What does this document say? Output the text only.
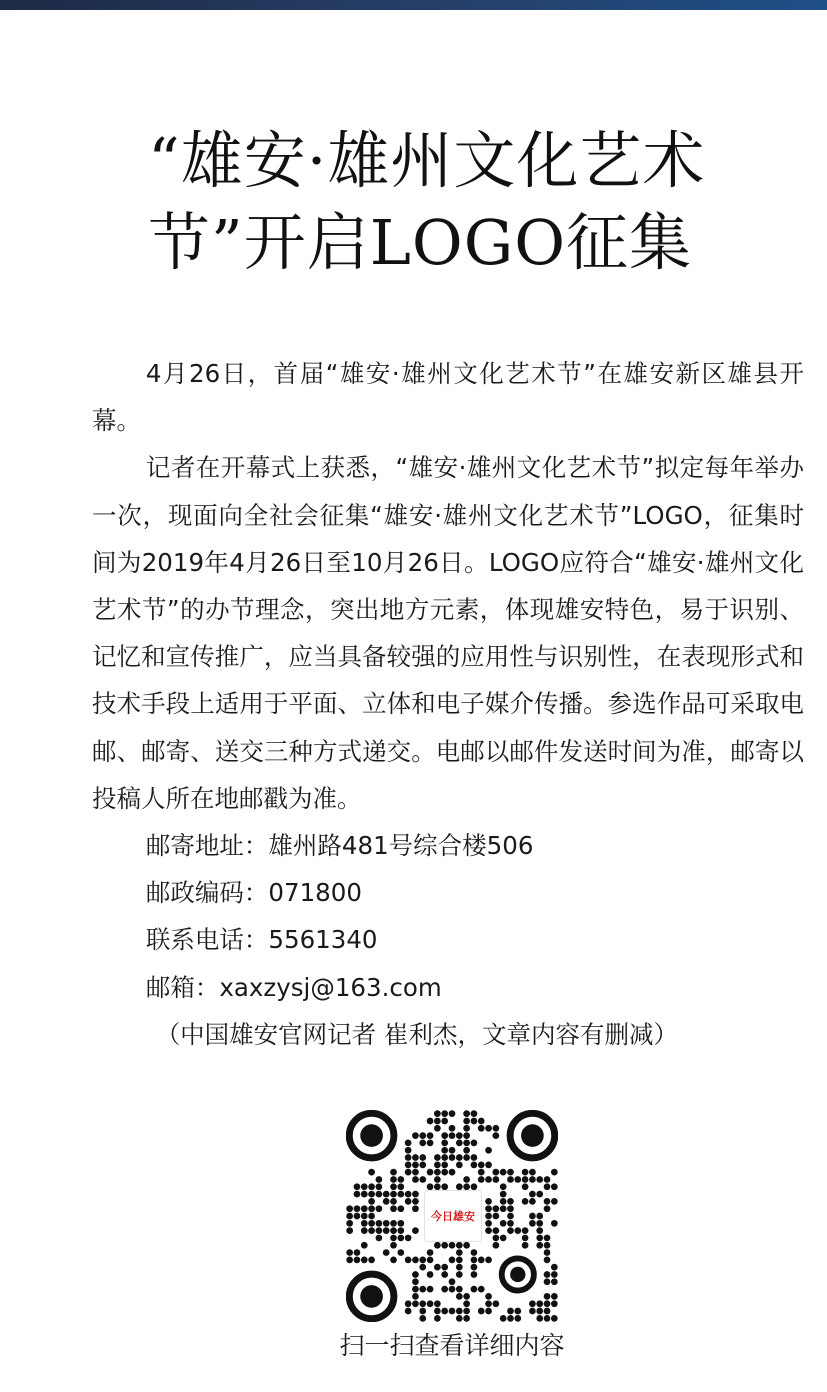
“雄安·雄州文化艺术
节”开启LOGO征集

4月26日，首届“雄安·雄州文化艺术节”在雄安新区雄县开幕。

记者在开幕式上获悉，“雄安·雄州文化艺术节”拟定每年举办一次，现面向全社会征集“雄安·雄州文化艺术节”LOGO，征集时间为2019年4月26日至10月26日。LOGO应符合“雄安·雄州文化艺术节”的办节理念，突出地方元素，体现雄安特色，易于识别、记忆和宣传推广，应当具备较强的应用性与识别性，在表现形式和技术手段上适用于平面、立体和电子媒介传播。参选作品可采取电邮、邮寄、送交三种方式递交。电邮以邮件发送时间为准，邮寄以投稿人所在地邮戳为准。

邮寄地址：雄州路481号综合楼506

邮政编码：071800

联系电话：5561340

邮箱：xaxzysj@163.com

（中国雄安官网记者 崔利杰，文章内容有删减）

今日雄安
扫一扫查看详细内容
